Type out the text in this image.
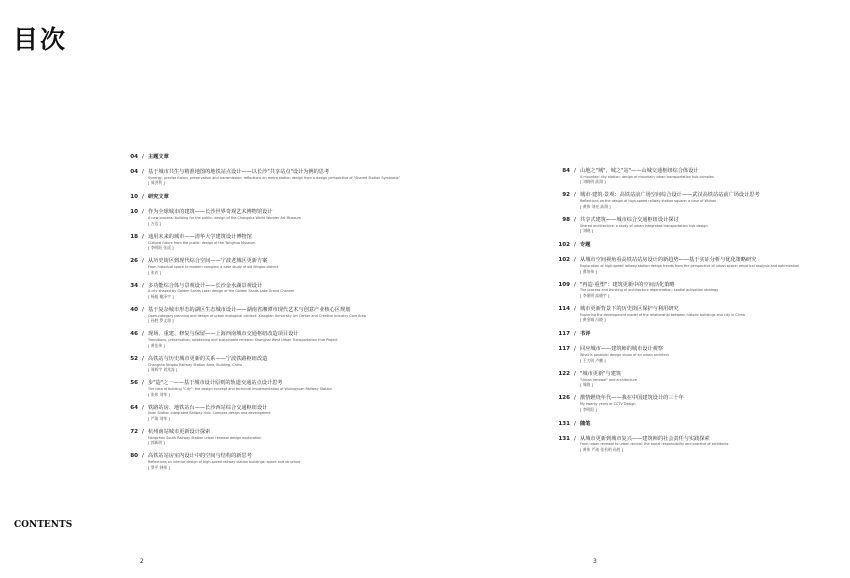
目次
04 / 主题文章
04 / 基于城市共生与精准地图的地铁站点设计——以长沙"共享站点"设计为例的思考
Synergy, precise fusion, preservation and transmission: reflections on metro station design from a design perspective of "Shared Station Symbiosis"
[ 周洪利 ]
10 / 研究文章
10 / 作为全球城市的建筑——长沙世界奇观艺术博物馆设计
A new process: building for the public: design of the Changsha World Wonder Art Museum
[ 万达 ]
18 / 通用未来的城市——清华大学建筑设计博物馆
Cultural future from the public: design of the Tsinghua Museum
[ 李明阳 张虎 ]
26 / 从历史街区到现代综合空间——宁波老城区更新方案
From historical space to modern complex: a case study of old Ningbo district
[ 张若 ]
34 / 多功能综合体与景观设计——长沙金水湖景观设计
A city shaped by Golden Sands Lake: design of the Golden Sands Lake Grand Channel
[ 杨旭 谢泽宇 ]
40 / 基于复杂城市形态的湖区生态城市设计——湖南省湘潭市现代艺术与创意产业核心区规划
Open-category planning and design of urban ecological context: Xiangtan University Art Center and Creative Industry Core Area
[ 孙胜 罗文翔 ]
46 / 现场、重建、修复与保留——上海西南城市交通枢纽改造项目设计
Transitions, preservation, awakening and sustainable renewal: Shanghai West Urban Transportation Hub Project
[ 黄佳伟 ]
52 / 高铁站与历史城市更新的关系——宁波铁路枢纽改造
Changsha Ningbo Railway Station Area, Building, China
[ 周辉宇 刘兆涛 ]
56 / 步"造"之一——基于城市设计原则的轨道交通站点设计思考
The idea of building "City": the design concept and technical implementation of Wulingyuan Railway Station
[ 张伟 刘华 ]
64 / 铁路站房、地铁站台——长沙西站综合交通枢纽设计
Jinan Station Integrated Railway Hub: Complex design and development
[ 严琦 刘华 ]
72 / 杭州南站城市更新设计探索
Hangzhou South Railway Station urban renewal design exploration
[ 郭新明 ]
80 / 高铁站站房室内设计中的空间与结构的新思考
Reflections on interior design of high-speed railway station buildings: space and structure
[ 罗平 钟伟 ]
84 / 山地之"城"，城之"站"——山城交通枢纽综合体设计
A mountain city station: design of mountain urban transportation hub complex
[ 刘晓明 高翔 ]
92 / 城市·建筑·景观：高铁站前广场空间综合设计——武汉高铁站站前广场设计思考
Reflections on the design of high-speed railway station square: a case of Wuhan
[ 黄伟 刘亮 高翔 ]
98 / 共享式建筑——城市综合交通枢纽设计探讨
Shared architecture: a study of urban integrated transportation hub design
[ 刘晓 ]
102 / 专题
102 / 从城市空间视角看高铁站站房设计的新趋势——基于实证分析与优化策略研究
Exploration of high-speed railway station design trends from the perspective of urban space: empirical analysis and optimization
[ 曹培伟 ]
109 / "再造·重塑"：建筑更新中的空间活化策略
The process and thinking of architecture regeneration: spatial activation strategy
[ 李建明 高晓宇 ]
114 / 城市更新背景下的历史街区保护与利用研究
Exploring the development model of the relationship between historic buildings and city in China
[ 黄金城 冯晓 ]
117 / 书评
117 / 回应城市——建筑师的城市设计观察
What is possible: design vision of an urban architect
[ 王大明 卢鹏 ]
122 / "城市更新"与建筑
"Urban renewal" and architecture
[ 周晓 ]
126 / 激情燃烧年代——我在中国建筑设计的三十年
My twenty years at CCTV Design
[ 李明阳 ]
131 / 随笔
131 / 从城市更新到城市复兴——建筑师的社会责任与实践探索
From urban renewal to urban revival: the social responsibility and practice of architects
[ 黄伟 严琦 张若明 孙胜 ]
CONTENTS
2	3
